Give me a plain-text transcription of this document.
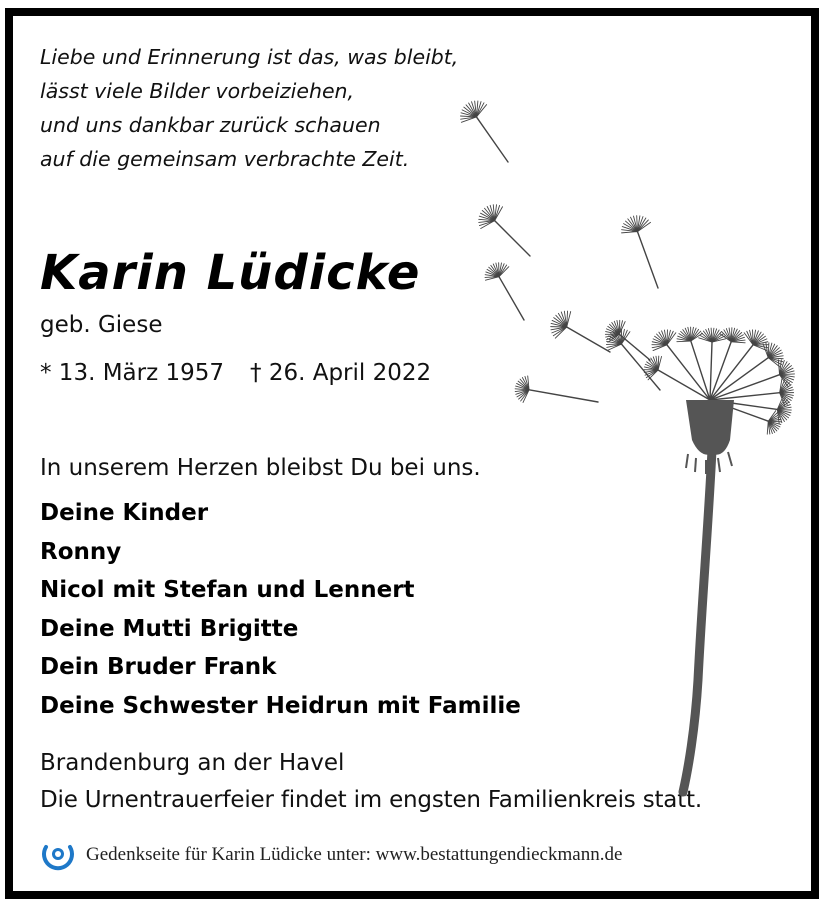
Liebe und Erinnerung ist das, was bleibt,
lässt viele Bilder vorbeiziehen,
und uns dankbar zurück schauen
auf die gemeinsam verbrachte Zeit.
Karin Lüdicke
geb. Giese
* 13. März 1957 † 26. April 2022
In unserem Herzen bleibst Du bei uns.
Deine Kinder
Ronny
Nicol mit Stefan und Lennert
Deine Mutti Brigitte
Dein Bruder Frank
Deine Schwester Heidrun mit Familie
Brandenburg an der Havel
Die Urnentrauerfeier findet im engsten Familienkreis statt.
Gedenkseite für Karin Lüdicke unter: www.bestattungendieckmann.de
